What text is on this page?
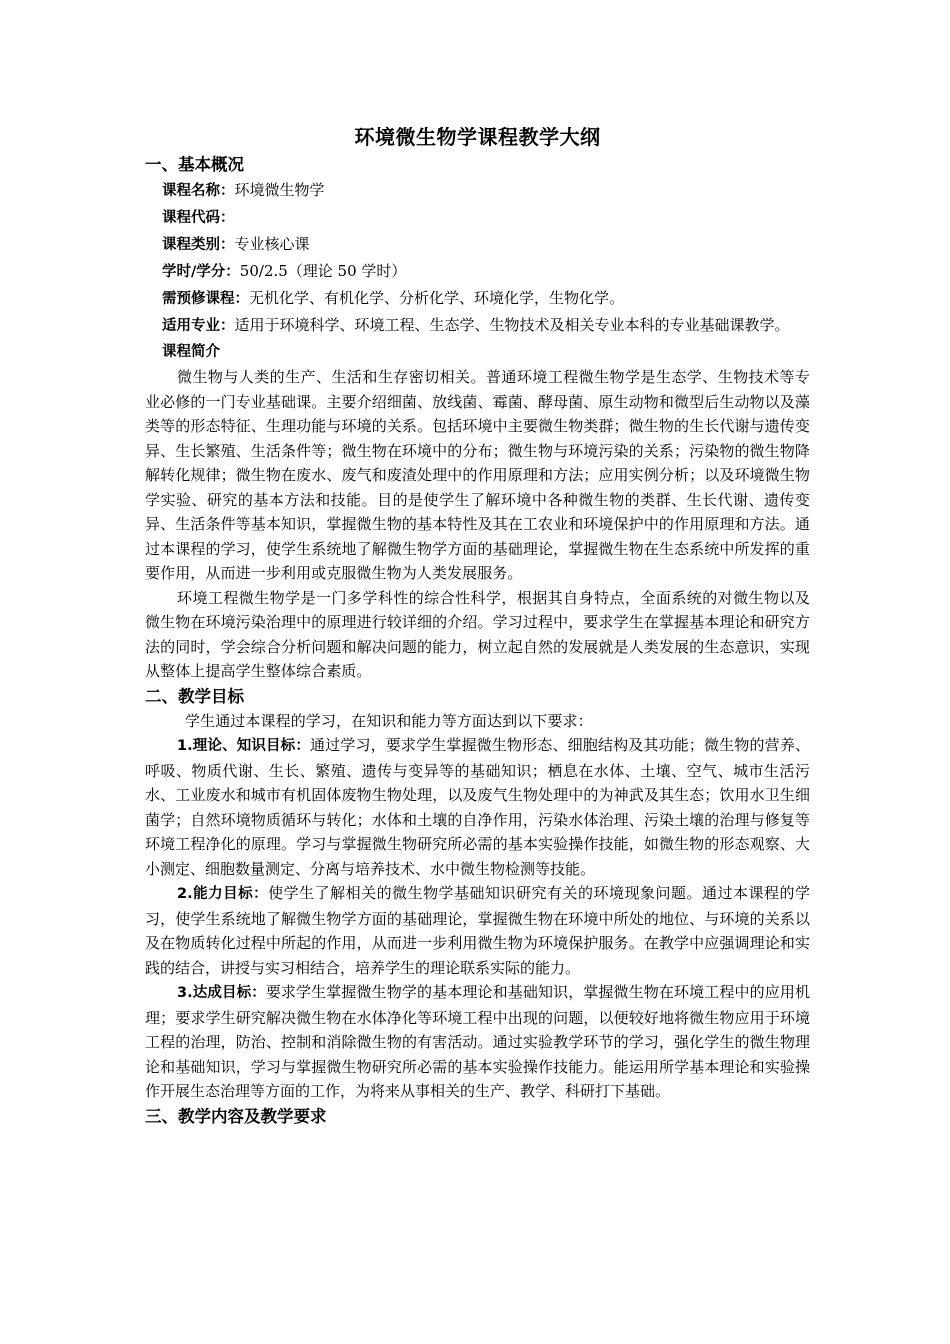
环境微生物学课程教学大纲
一、基本概况

课程名称：环境微生物学

课程代码：

课程类别：专业核心课

学时/学分：50/2.5（理论 50 学时）

需预修课程：无机化学、有机化学、分析化学、环境化学，生物化学。

适用专业：适用于环境科学、环境工程、生态学、生物技术及相关专业本科的专业基础课教学。

课程简介

微生物与人类的生产、生活和生存密切相关。普通环境工程微生物学是生态学、生物技术等专业必修的一门专业基础课。主要介绍细菌、放线菌、霉菌、酵母菌、原生动物和微型后生动物以及藻类等的形态特征、生理功能与环境的关系。包括环境中主要微生物类群；微生物的生长代谢与遗传变异、生长繁殖、生活条件等；微生物在环境中的分布；微生物与环境污染的关系；污染物的微生物降解转化规律；微生物在废水、废气和废渣处理中的作用原理和方法；应用实例分析；以及环境微生物学实验、研究的基本方法和技能。目的是使学生了解环境中各种微生物的类群、生长代谢、遗传变异、生活条件等基本知识，掌握微生物的基本特性及其在工农业和环境保护中的作用原理和方法。通过本课程的学习，使学生系统地了解微生物学方面的基础理论，掌握微生物在生态系统中所发挥的重要作用，从而进一步利用或克服微生物为人类发展服务。

环境工程微生物学是一门多学科性的综合性科学，根据其自身特点，全面系统的对微生物以及微生物在环境污染治理中的原理进行较详细的介绍。学习过程中，要求学生在掌握基本理论和研究方法的同时，学会综合分析问题和解决问题的能力，树立起自然的发展就是人类发展的生态意识，实现从整体上提高学生整体综合素质。

二、教学目标

学生通过本课程的学习，在知识和能力等方面达到以下要求：

1.理论、知识目标：通过学习，要求学生掌握微生物形态、细胞结构及其功能；微生物的营养、呼吸、物质代谢、生长、繁殖、遗传与变异等的基础知识；栖息在水体、土壤、空气、城市生活污水、工业废水和城市有机固体废物生物处理，以及废气生物处理中的为神武及其生态；饮用水卫生细菌学；自然环境物质循环与转化；水体和土壤的自净作用，污染水体治理、污染土壤的治理与修复等环境工程净化的原理。学习与掌握微生物研究所必需的基本实验操作技能，如微生物的形态观察、大小测定、细胞数量测定、分离与培养技术、水中微生物检测等技能。

2.能力目标：使学生了解相关的微生物学基础知识研究有关的环境现象问题。通过本课程的学习，使学生系统地了解微生物学方面的基础理论，掌握微生物在环境中所处的地位、与环境的关系以及在物质转化过程中所起的作用，从而进一步利用微生物为环境保护服务。在教学中应强调理论和实践的结合，讲授与实习相结合，培养学生的理论联系实际的能力。

3.达成目标：要求学生掌握微生物学的基本理论和基础知识，掌握微生物在环境工程中的应用机理；要求学生研究解决微生物在水体净化等环境工程中出现的问题，以便较好地将微生物应用于环境工程的治理，防治、控制和消除微生物的有害活动。通过实验教学环节的学习，强化学生的微生物理论和基础知识，学习与掌握微生物研究所必需的基本实验操作技能力。能运用所学基本理论和实验操作开展生态治理等方面的工作，为将来从事相关的生产、教学、科研打下基础。

三、教学内容及教学要求
